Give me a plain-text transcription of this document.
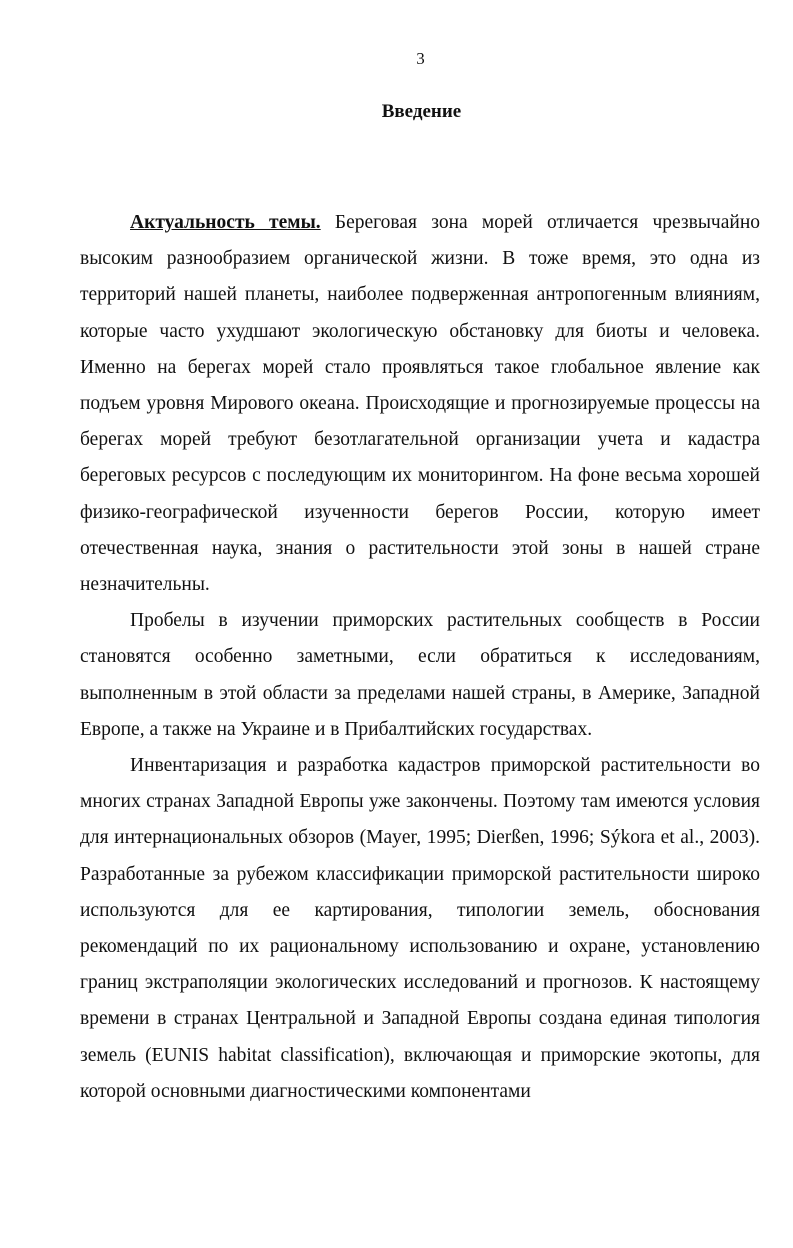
3
Введение

Актуальность темы. Береговая зона морей отличается чрезвычайно высоким разнообразием органической жизни. В тоже время, это одна из территорий нашей планеты, наиболее подверженная антропогенным влияниям, которые часто ухудшают экологическую обстановку для биоты и человека. Именно на берегах морей стало проявляться такое глобальное явление как подъем уровня Мирового океана. Происходящие и прогнозируемые процессы на берегах морей требуют безотлагательной организации учета и кадастра береговых ресурсов с последующим их мониторингом. На фоне весьма хорошей физико-географической изученности берегов России, которую имеет отечественная наука, знания о растительности этой зоны в нашей стране незначительны.

Пробелы в изучении приморских растительных сообществ в России становятся особенно заметными, если обратиться к исследованиям, выполненным в этой области за пределами нашей страны, в Америке, Западной Европе, а также на Украине и в Прибалтийских государствах.

Инвентаризация и разработка кадастров приморской растительности во многих странах Западной Европы уже закончены. Поэтому там имеются условия для интернациональных обзоров (Mayer, 1995; Dierßen, 1996; Sýkora et al., 2003). Разработанные за рубежом классификации приморской растительности широко используются для ее картирования, типологии земель, обоснования рекомендаций по их рациональному использованию и охране, установлению границ экстраполяции экологических исследований и прогнозов. К настоящему времени в странах Центральной и Западной Европы создана единая типология земель (EUNIS habitat classification), включающая и приморские экотопы, для которой основными диагностическими компонентами
